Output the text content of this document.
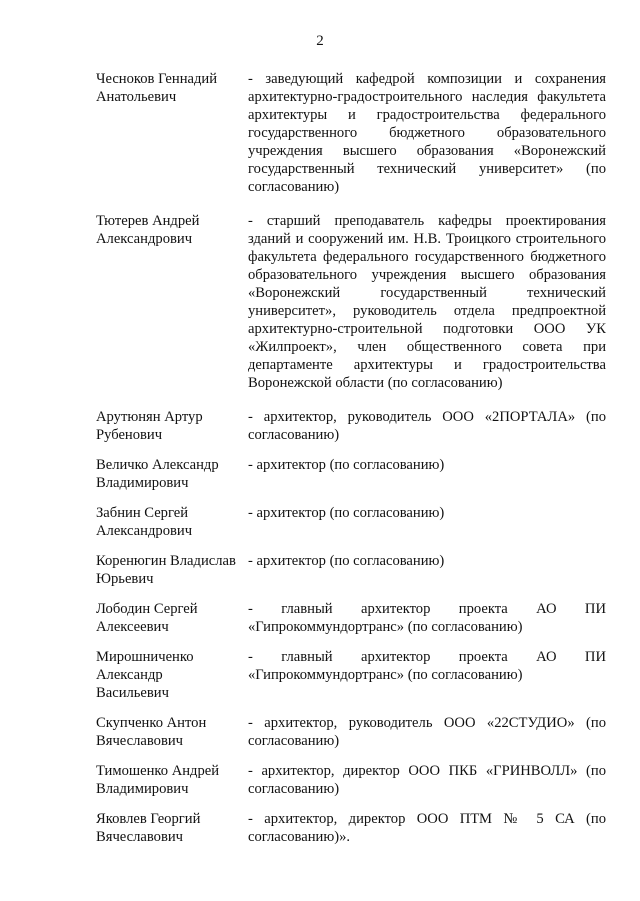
2
Чесноков Геннадий
Анатольевич
- заведующий кафедрой композиции и сохранения архитектурно-градостроительного наследия факультета архитектуры и градостроительства федерального государственного бюджетного образовательного учреждения высшего образования «Воронежский государственный технический университет» (по согласованию)
Тютерев Андрей
Александрович
- старший преподаватель кафедры проектирования зданий и сооружений им. Н.В. Троицкого строительного факультета федерального государственного бюджетного образовательного учреждения высшего образования «Воронежский государственный технический университет», руководитель отдела предпроектной архитектурно-строительной подготовки ООО УК «Жилпроект», член общественного совета при департаменте архитектуры и градостроительства Воронежской области (по согласованию)
Арутюнян Артур
Рубенович
- архитектор, руководитель ООО «2ПОРТАЛА» (по согласованию)
Величко Александр
Владимирович
- архитектор (по согласованию)
Забнин Сергей
Александрович
- архитектор (по согласованию)
Коренюгин Владислав
Юрьевич
- архитектор (по согласованию)
Лободин Сергей
Алексеевич
- главный архитектор проекта АО ПИ «Гипрокоммундортранс» (по согласованию)
Мирошниченко
Александр
Васильевич
- главный архитектор проекта АО ПИ «Гипрокоммундортранс» (по согласованию)
Скупченко Антон
Вячеславович
- архитектор, руководитель ООО «22СТУДИО» (по согласованию)
Тимошенко Андрей
Владимирович
- архитектор, директор ООО ПКБ «ГРИНВОЛЛ» (по согласованию)
Яковлев Георгий
Вячеславович
- архитектор, директор ООО ПТМ № 5 СА (по согласованию)».
